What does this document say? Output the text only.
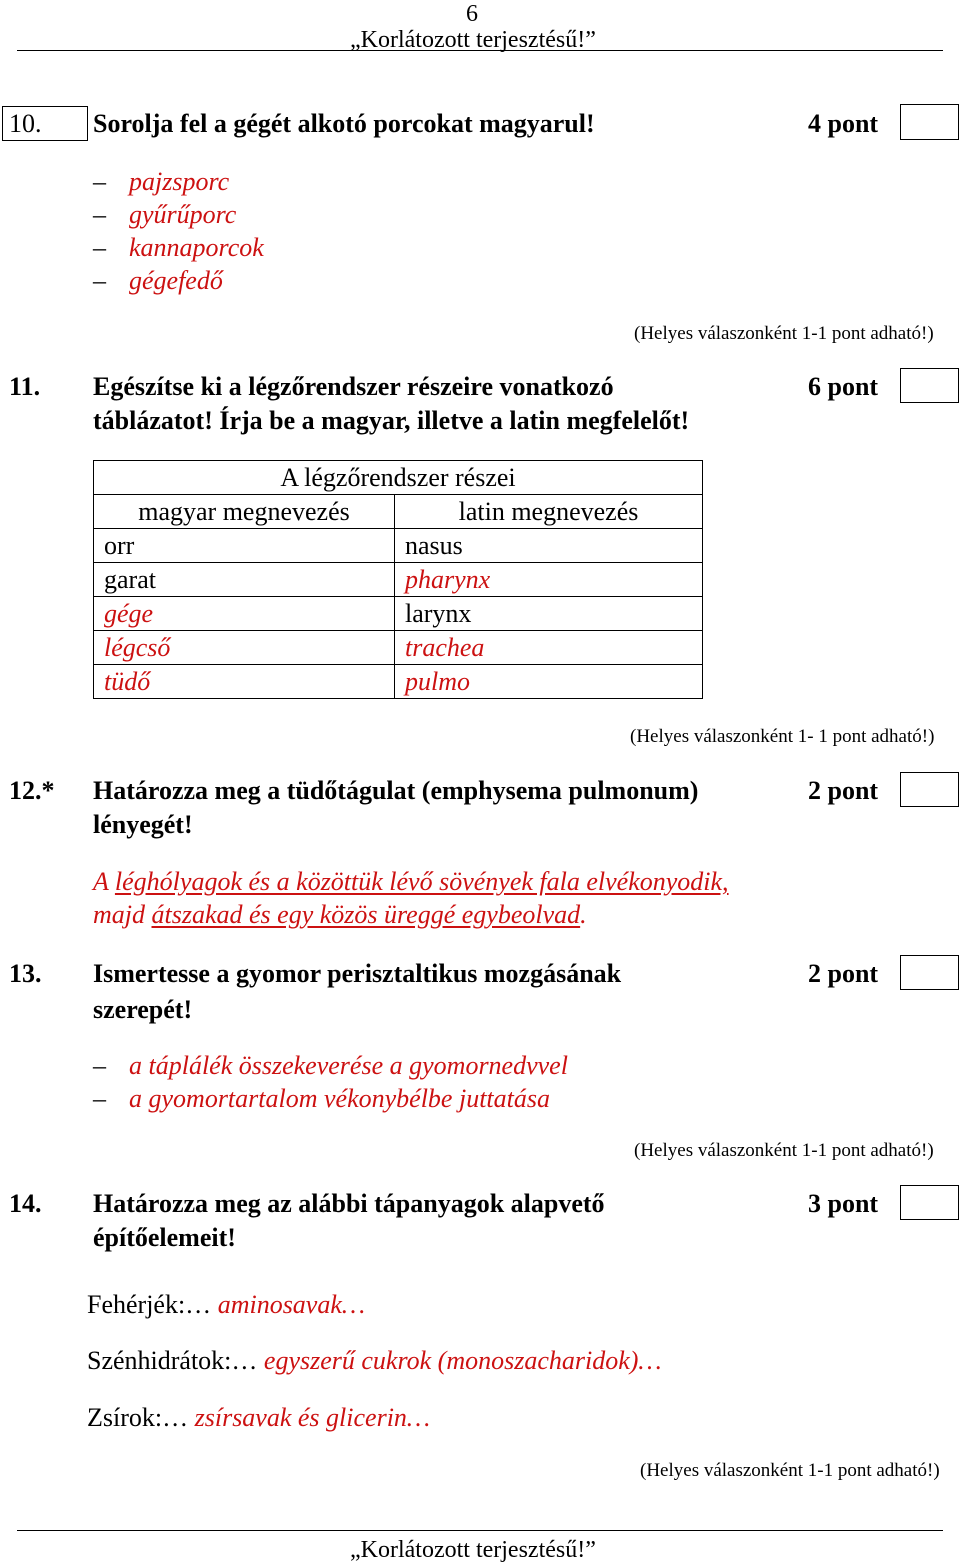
6
„Korlátozott terjesztésű!”
10. Sorolja fel a gégét alkotó porcokat magyarul!	4 pont
– pajzsporc
– gyűrűporc
– kannaporcok
– gégefedő
(Helyes válaszonként 1-1 pont adható!)
11. Egészítse ki a légzőrendszer részeire vonatkozó
táblázatot! Írja be a magyar, illetve a latin megfelelőt!
6 pont
A légzőrendszer részei	
magyar megnevezés	latin megnevezés
orr	nasus
garat	pharynx
gége	larynx
légcső	trachea
tüdő	pulmo
(Helyes válaszonként 1- 1 pont adható!)
12.* Határozza meg a tüdőtágulat (emphysema pulmonum)
lényegét!
2 pont
A léghólyagok és a közöttük lévő sövények fala elvékonyodik,
majd átszakad és egy közös üreggé egybeolvad.
13. Ismertesse a gyomor perisztaltikus mozgásának
szerepét!
2 pont
– a táplálék összekeverése a gyomornedvvel
– a gyomortartalom vékonybélbe juttatása
(Helyes válaszonként 1-1 pont adható!)
14. Határozza meg az alábbi tápanyagok alapvető
építőelemeit!
3 pont
Fehérjék:… aminosavak…
Szénhidrátok:… egyszerű cukrok (monoszacharidok)…
Zsírok:… zsírsavak és glicerin…
(Helyes válaszonként 1-1 pont adható!)
„Korlátozott terjesztésű!”
